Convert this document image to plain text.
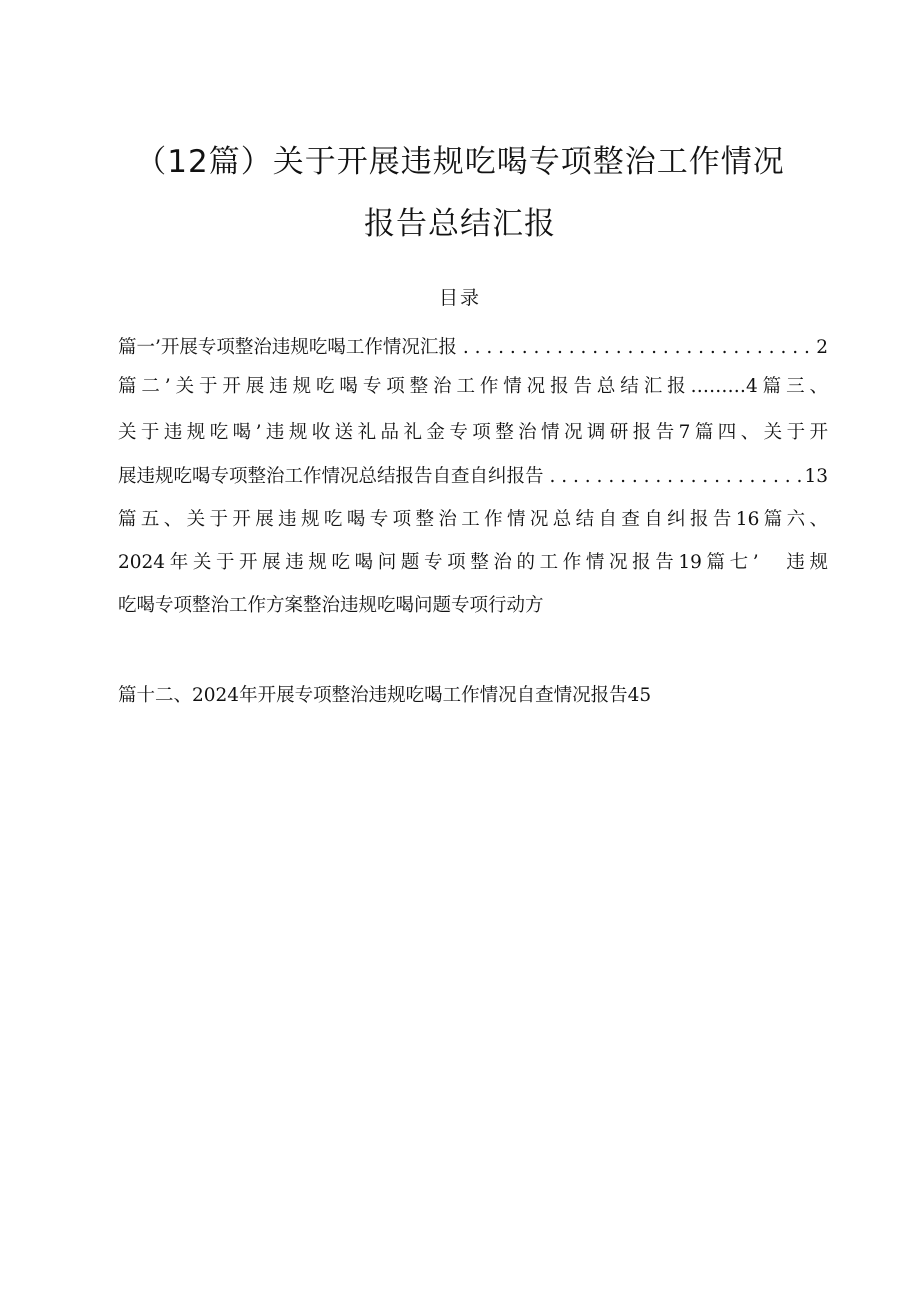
（12篇）关于开展违规吃喝专项整治工作情况
报告总结汇报
目录
篇一’开展专项整治违规吃喝工作情况汇报 . . .	2
篇二’关于开展违规吃喝专项整治工作情况报告总结汇报………4篇三、
关于违规吃喝’违规收送礼品礼金专项整治情况调研报告7篇四、关于开
展违规吃喝专项整治工作情况总结报告自查自纠报告 . . .	13
篇五、关于开展违规吃喝专项整治工作情况总结自查自纠报告16篇六、
2024年关于开展违规吃喝问题专项整治的工作情况报告19篇七’　违规
吃喝专项整治工作方案整治违规吃喝问题专项行动方
篇十二、2024年开展专项整治违规吃喝工作情况自查情况报告45
